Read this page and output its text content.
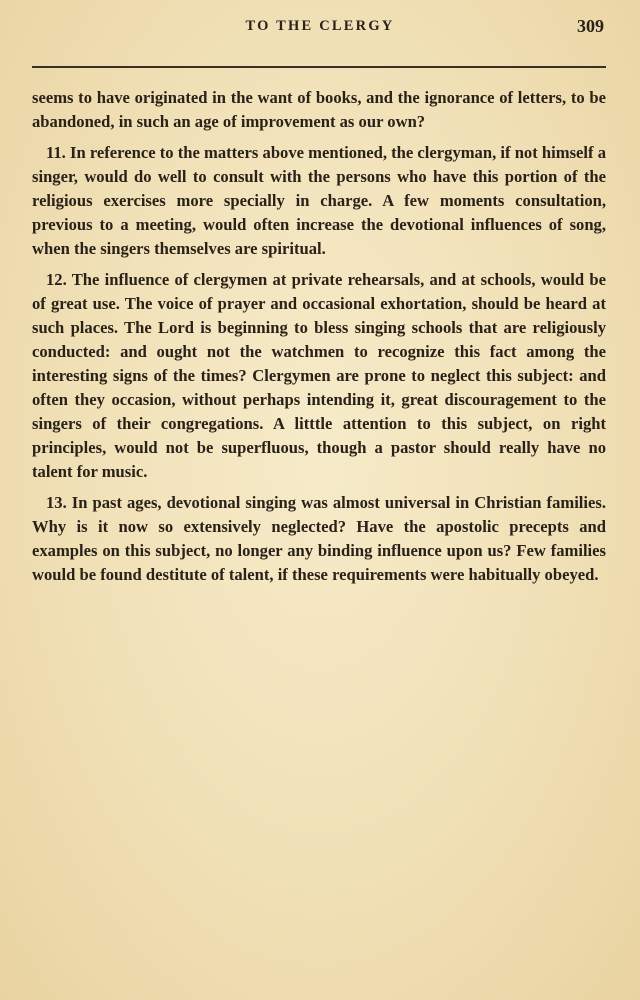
TO THE CLERGY	309

seems to have originated in the want of books, and the ignorance of letters, to be abandoned, in such an age of improvement as our own?

11. In reference to the matters above mentioned, the clergyman, if not himself a singer, would do well to consult with the persons who have this portion of the religious exercises more specially in charge. A few moments consultation, previous to a meeting, would often increase the devotional influences of song, when the singers themselves are spiritual.

12. The influence of clergymen at private rehearsals, and at schools, would be of great use. The voice of prayer and occasional exhortation, should be heard at such places. The Lord is beginning to bless singing schools that are religiously conducted: and ought not the watchmen to recognize this fact among the interesting signs of the times? Clergymen are prone to neglect this subject: and often they occasion, without perhaps intending it, great discouragement to the singers of their congregations. A litttle attention to this subject, on right principles, would not be superfluous, though a pastor should really have no talent for music.

13. In past ages, devotional singing was almost universal in Christian families. Why is it now so extensively neglected? Have the apostolic precepts and examples on this subject, no longer any binding influence upon us? Few families would be found destitute of talent, if these requirements were habitually obeyed.
